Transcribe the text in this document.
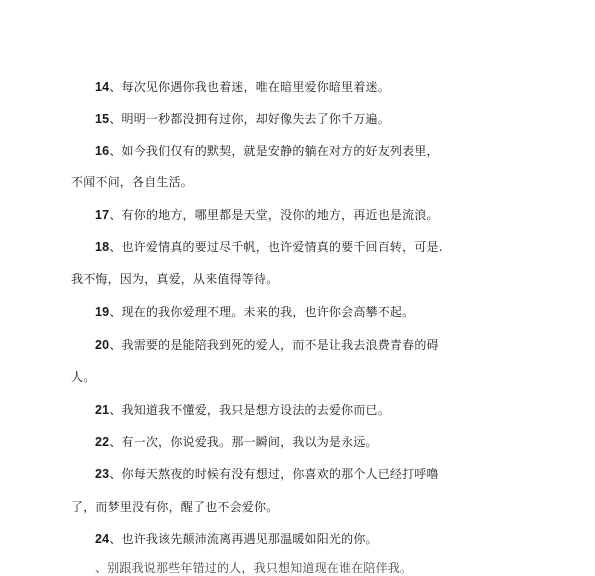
14、每次见你遇你我也着迷，唯在暗里爱你暗里着迷。
15、明明一秒都没拥有过你，却好像失去了你千万遍。
16、如今我们仅有的默契，就是安静的躺在对方的好友列表里，
不闻不问，各自生活。
17、有你的地方，哪里都是天堂，没你的地方，再近也是流浪。
18、也许爱情真的要过尽千帆，也许爱情真的要千回百转，可是.
我不悔，因为，真爱，从来值得等待。
19、现在的我你爱理不理。未来的我，也许你会高攀不起。
20、我需要的是能陪我到死的爱人，而不是让我去浪费青春的碍
人。
21、我知道我不懂爱，我只是想方设法的去爱你而已。
22、有一次，你说爱我。那一瞬间，我以为是永远。
23、你每天熬夜的时候有没有想过，你喜欢的那个人已经打呼噜
了，而梦里没有你，醒了也不会爱你。
24、也许我该先颠沛流离再遇见那温暖如阳光的你。
、别跟我说那些年错过的人，我只想知道现在谁在陪伴我。
